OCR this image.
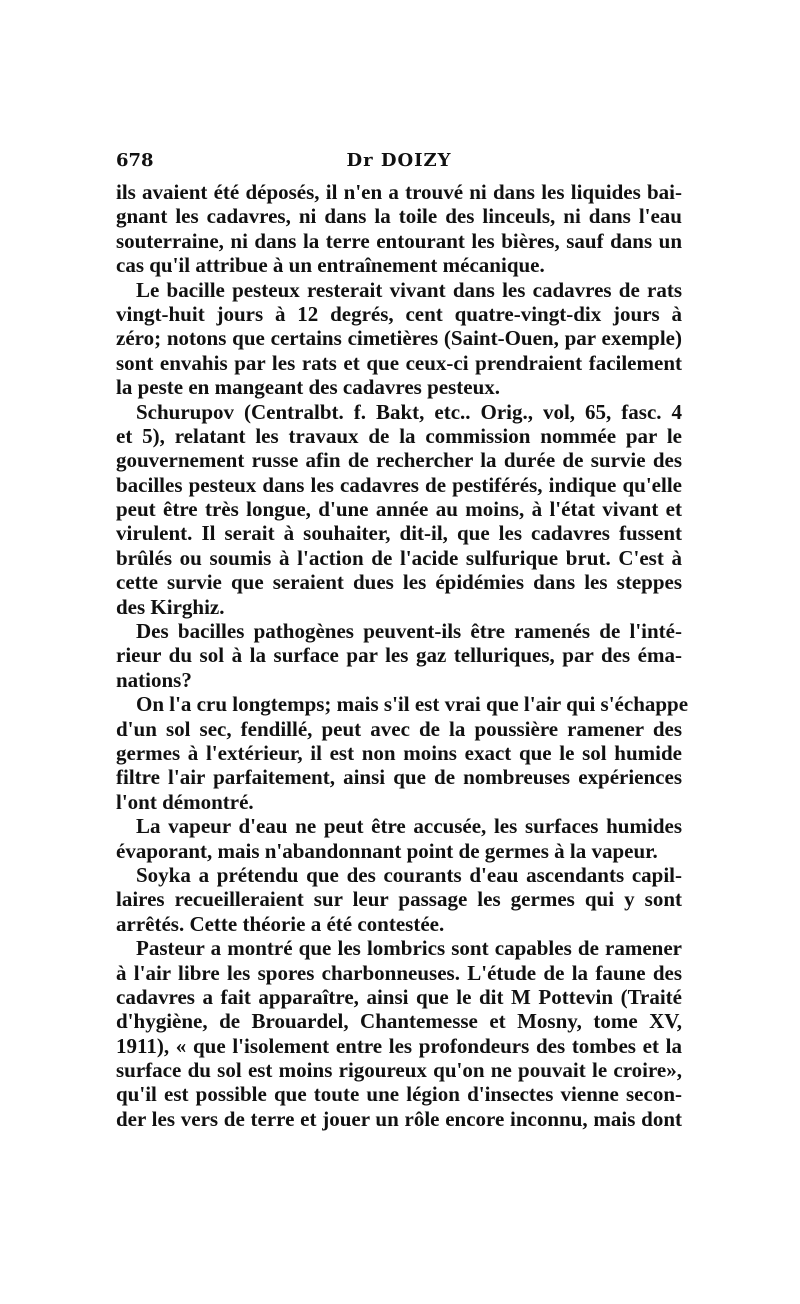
678	Dr DOIZY
ils avaient été déposés, il n'en a trouvé ni dans les liquides bai-
gnant les cadavres, ni dans la toile des linceuls, ni dans l'eau
souterraine, ni dans la terre entourant les bières, sauf dans un
cas qu'il attribue à un entraînement mécanique.
Le bacille pesteux resterait vivant dans les cadavres de rats
vingt-huit jours à 12 degrés, cent quatre-vingt-dix jours à
zéro; notons que certains cimetières (Saint-Ouen, par exemple)
sont envahis par les rats et que ceux-ci prendraient facilement
la peste en mangeant des cadavres pesteux.
Schurupov (Centralbt. f. Bakt, etc.. Orig., vol, 65, fasc. 4
et 5), relatant les travaux de la commission nommée par le
gouvernement russe afin de rechercher la durée de survie des
bacilles pesteux dans les cadavres de pestiférés, indique qu'elle
peut être très longue, d'une année au moins, à l'état vivant et
virulent. Il serait à souhaiter, dit-il, que les cadavres fussent
brûlés ou soumis à l'action de l'acide sulfurique brut. C'est à
cette survie que seraient dues les épidémies dans les steppes
des Kirghiz.
Des bacilles pathogènes peuvent-ils être ramenés de l'inté-
rieur du sol à la surface par les gaz telluriques, par des éma-
nations?
On l'a cru longtemps; mais s'il est vrai que l'air qui s'échappe
d'un sol sec, fendillé, peut avec de la poussière ramener des
germes à l'extérieur, il est non moins exact que le sol humide
filtre l'air parfaitement, ainsi que de nombreuses expériences
l'ont démontré.
La vapeur d'eau ne peut être accusée, les surfaces humides
évaporant, mais n'abandonnant point de germes à la vapeur.
Soyka a prétendu que des courants d'eau ascendants capil-
laires recueilleraient sur leur passage les germes qui y sont
arrêtés. Cette théorie a été contestée.
Pasteur a montré que les lombrics sont capables de ramener
à l'air libre les spores charbonneuses. L'étude de la faune des
cadavres a fait apparaître, ainsi que le dit M Pottevin (Traité
d'hygiène, de Brouardel, Chantemesse et Mosny, tome XV,
1911), « que l'isolement entre les profondeurs des tombes et la
surface du sol est moins rigoureux qu'on ne pouvait le croire»,
qu'il est possible que toute une légion d'insectes vienne secon-
der les vers de terre et jouer un rôle encore inconnu, mais dont
